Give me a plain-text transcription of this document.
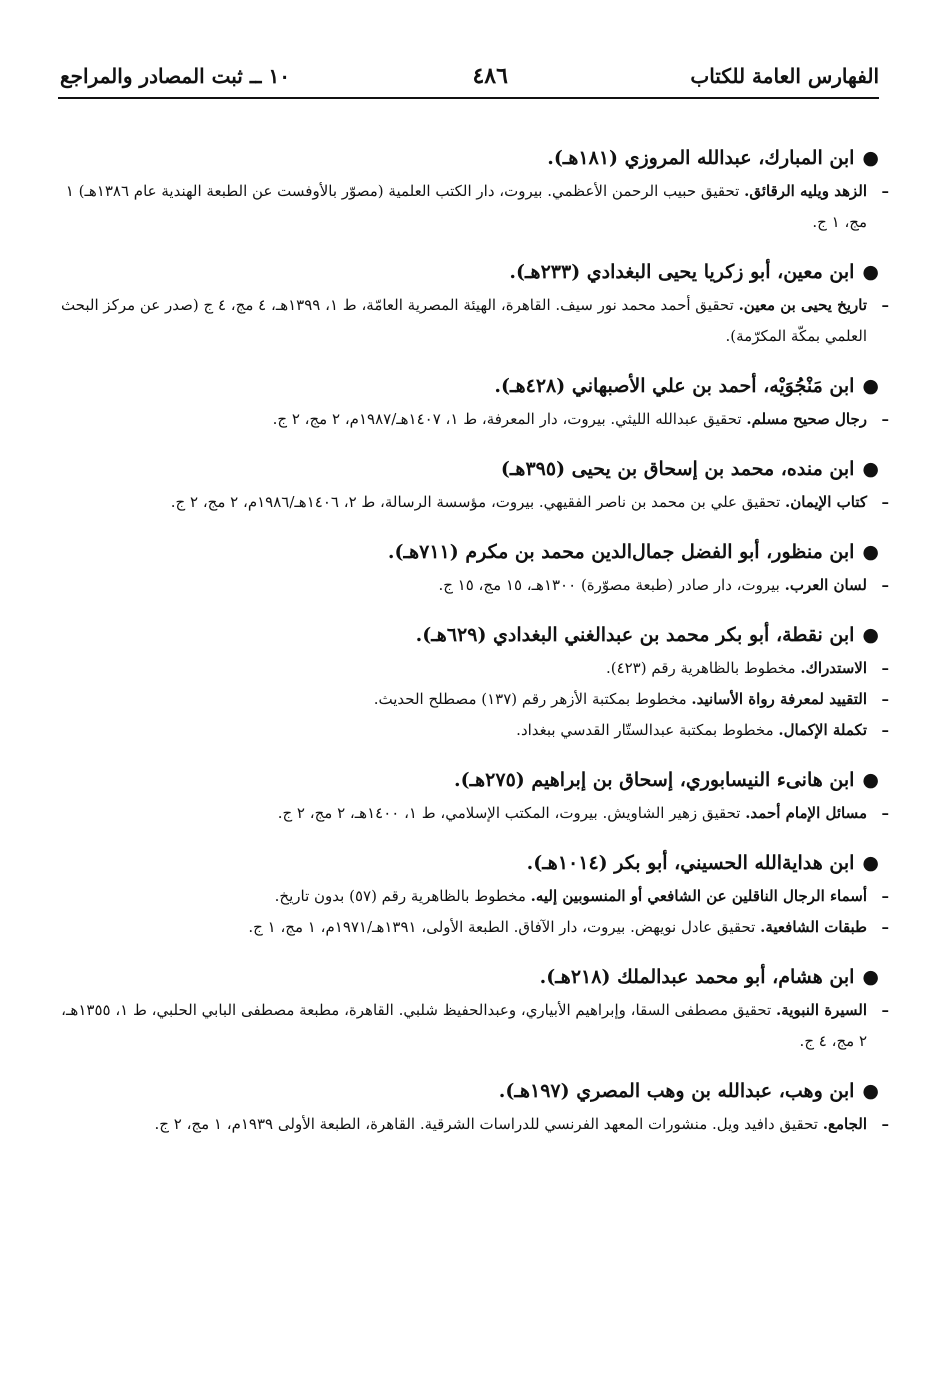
الفهارس العامة للكتاب
٤٨٦
١٠ ــ ثبت المصادر والمراجع
●ابن المبارك، عبدالله المروزي (١٨١هـ).
– الزهد ويليه الرقائق. تحقيق حبيب الرحمن الأعظمي. بيروت، دار الكتب العلمية (مصوّر بالأوفست عن الطبعة الهندية عام ١٣٨٦هـ) ١ مج، ١ ج.
●ابن معين، أبو زكريا يحيى البغدادي (٢٣٣هـ).
– تاريخ يحيى بن معين. تحقيق أحمد محمد نور سيف. القاهرة، الهيئة المصرية العامّة، ط ١، ١٣٩٩هـ، ٤ مج، ٤ ج (صدر عن مركز البحث العلمي بمكّة المكرّمة).
●ابن مَنْجُوَيْه، أحمد بن علي الأصبهاني (٤٢٨هـ).
– رجال صحيح مسلم. تحقيق عبدالله الليثي. بيروت، دار المعرفة، ط ١، ١٤٠٧هـ/١٩٨٧م، ٢ مج، ٢ ج.
●ابن منده، محمد بن إسحاق بن يحيى (٣٩٥هـ)
– كتاب الإيمان. تحقيق علي بن محمد بن ناصر الفقيهي. بيروت، مؤسسة الرسالة، ط ٢، ١٤٠٦هـ/١٩٨٦م، ٢ مج، ٢ ج.
●ابن منظور، أبو الفضل جمال‌الدين محمد بن مكرم (٧١١هـ).
– لسان العرب. بيروت، دار صادر (طبعة مصوّرة) ١٣٠٠هـ، ١٥ مج، ١٥ ج.
●ابن نقطة، أبو بكر محمد بن عبدالغني البغدادي (٦٢٩هـ).
– الاستدراك. مخطوط بالظاهرية رقم (٤٢٣).
– التقييد لمعرفة رواة الأسانيد. مخطوط بمكتبة الأزهر رقم (١٣٧) مصطلح الحديث.
– تكملة الإكمال. مخطوط بمكتبة عبدالستّار القدسي ببغداد.
●ابن هانىء النيسابوري، إسحاق بن إبراهيم (٢٧٥هـ).
– مسائل الإمام أحمد. تحقيق زهير الشاويش. بيروت، المكتب الإسلامي، ط ١، ١٤٠٠هـ، ٢ مج، ٢ ج.
●ابن هداية‌الله الحسيني، أبو بكر (١٠١٤هـ).
– أسماء الرجال الناقلين عن الشافعي أو المنسوبين إليه. مخطوط بالظاهرية رقم (٥٧) بدون تاريخ.
– طبقات الشافعية. تحقيق عادل نويهض. بيروت، دار الآفاق. الطبعة الأولى، ١٣٩١هـ/١٩٧١م، ١ مج، ١ ج.
●ابن هشام، أبو محمد عبدالملك (٢١٨هـ).
– السيرة النبوية. تحقيق مصطفى السقا، وإبراهيم الأبياري، وعبدالحفيظ شلبي. القاهرة، مطبعة مصطفى البابي الحلبي، ط ١، ١٣٥٥هـ، ٢ مج، ٤ ج.
●ابن وهب، عبدالله بن وهب المصري (١٩٧هـ).
– الجامع. تحقيق دافيد ويل. منشورات المعهد الفرنسي للدراسات الشرقية. القاهرة، الطبعة الأولى ١٩٣٩م، ١ مج، ٢ ج.
